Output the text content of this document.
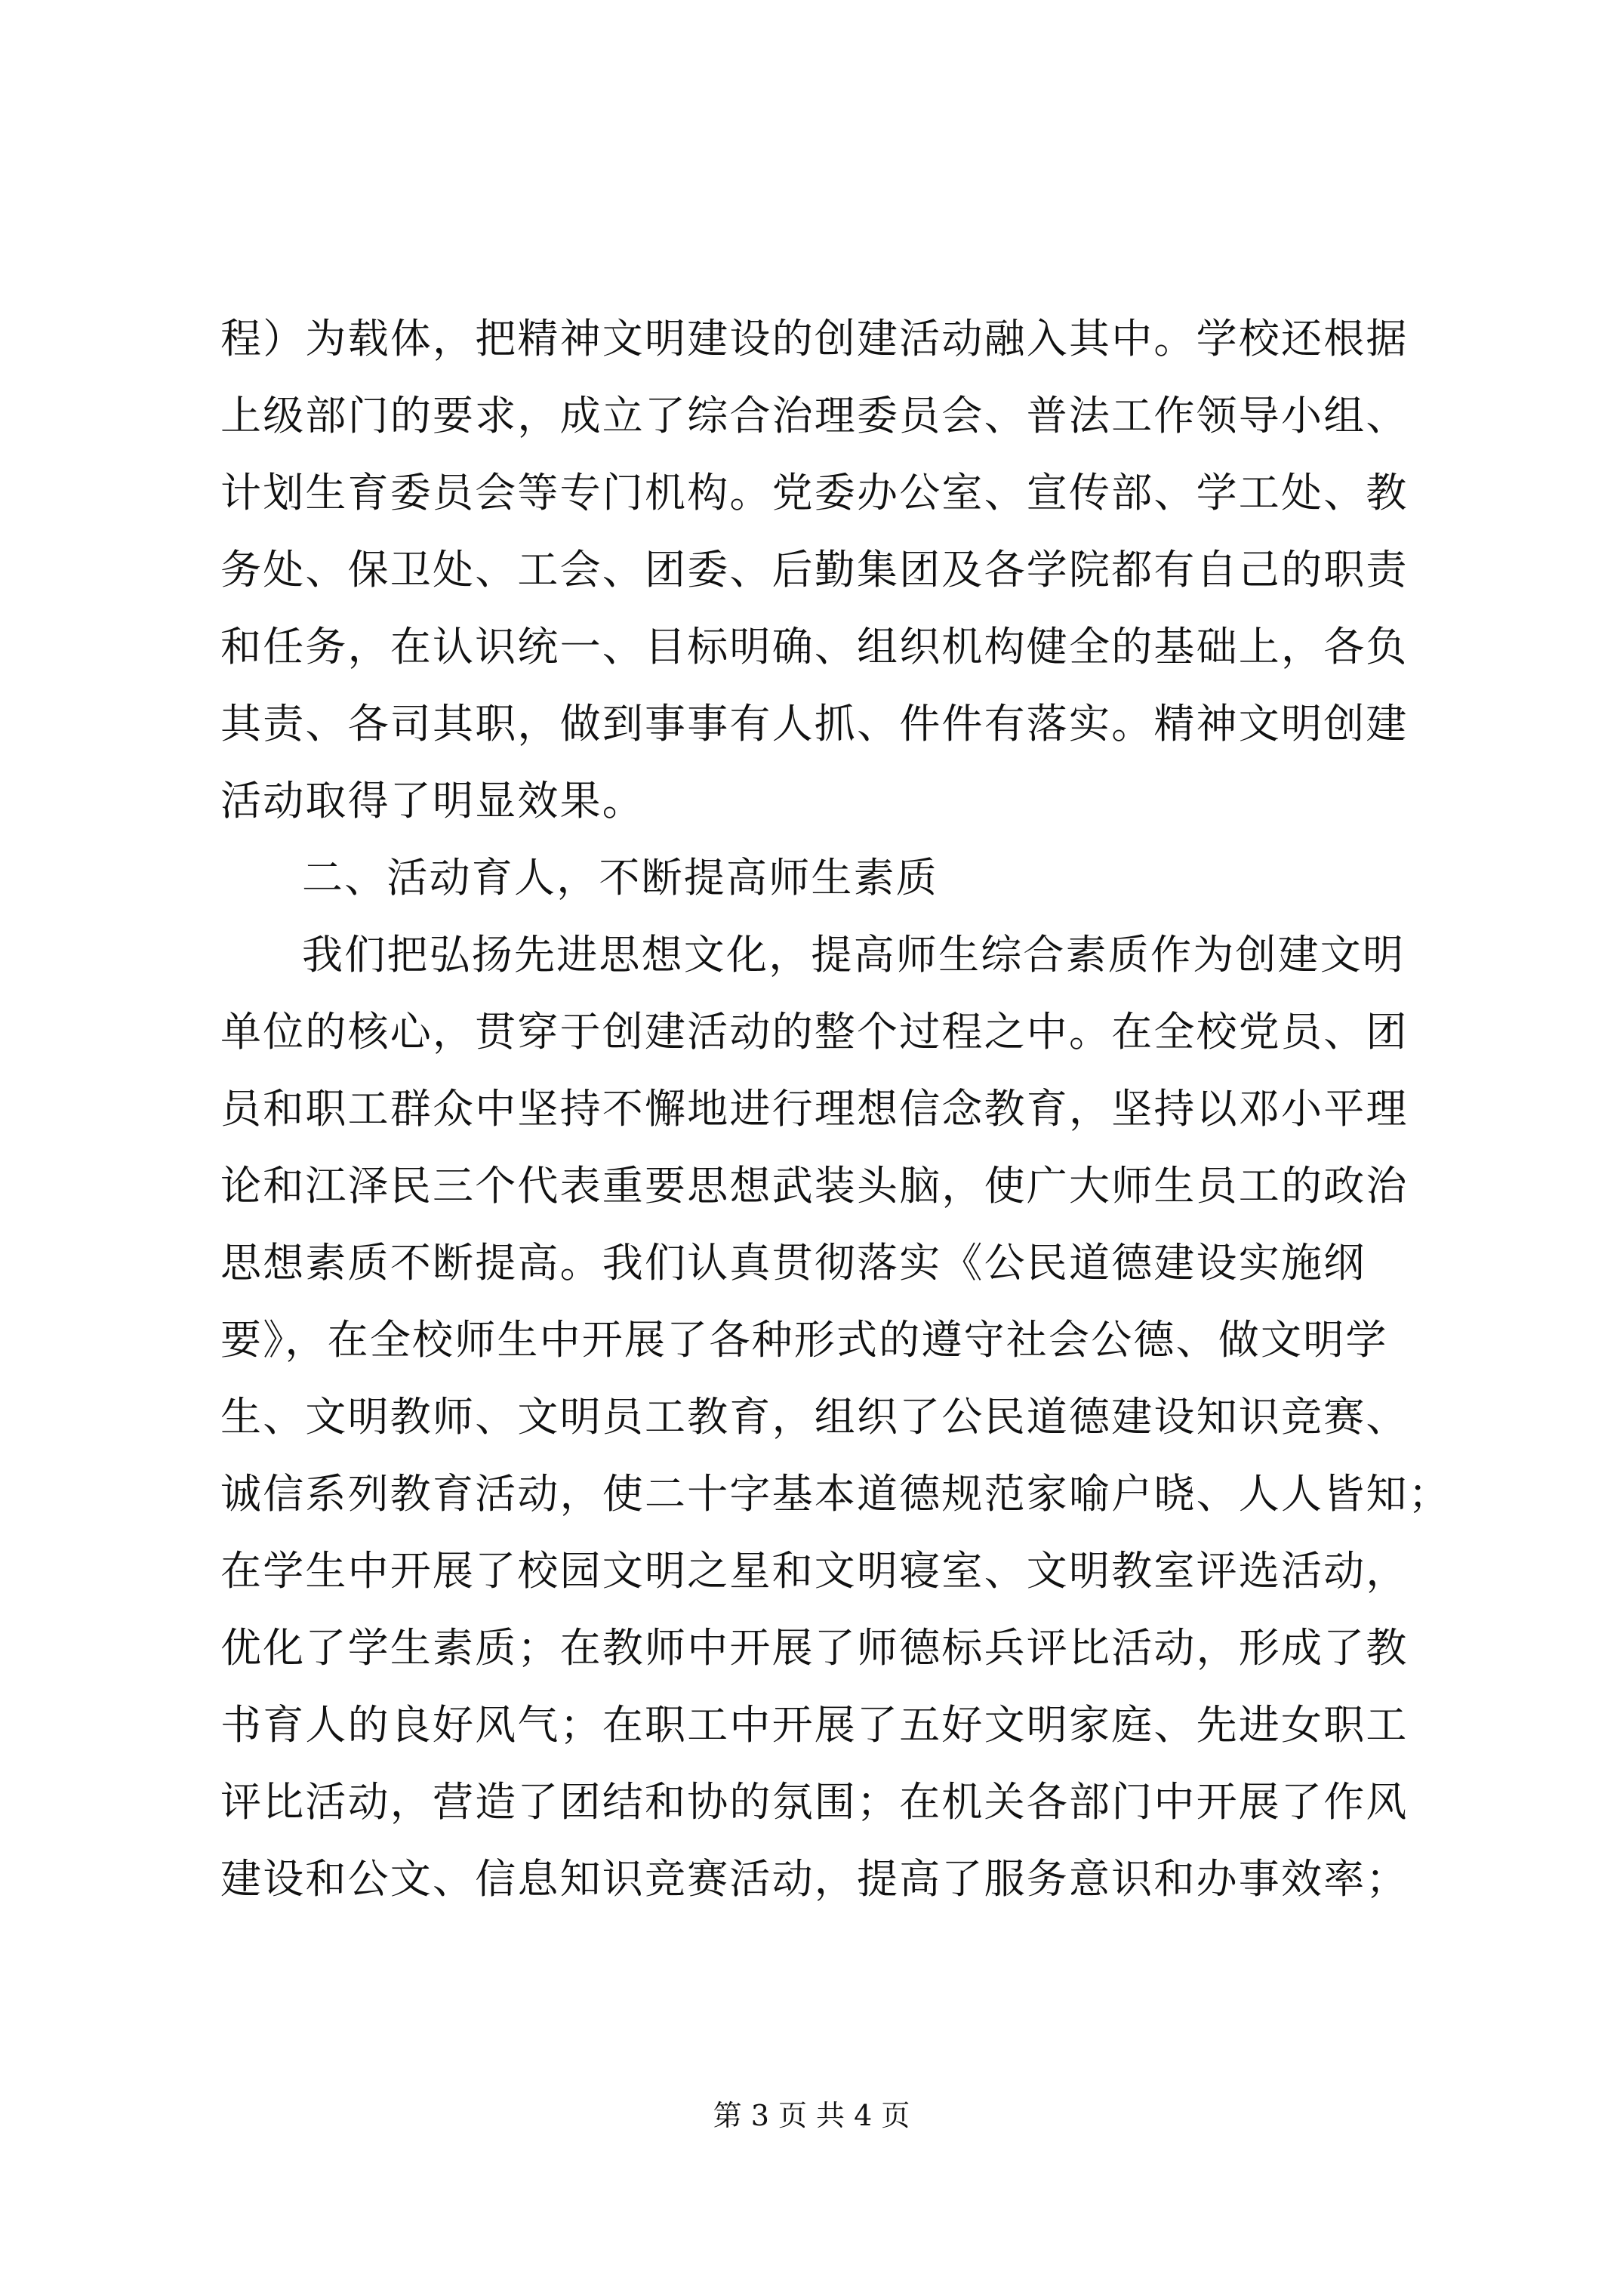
程）为载体，把精神文明建设的创建活动融入其中。学校还根据
上级部门的要求，成立了综合治理委员会、普法工作领导小组、
计划生育委员会等专门机构。党委办公室、宣传部、学工处、教
务处、保卫处、工会、团委、后勤集团及各学院都有自己的职责
和任务，在认识统一、目标明确、组织机构健全的基础上，各负
其责、各司其职，做到事事有人抓、件件有落实。精神文明创建
活动取得了明显效果。
二、活动育人，不断提高师生素质
我们把弘扬先进思想文化，提高师生综合素质作为创建文明
单位的核心，贯穿于创建活动的整个过程之中。在全校党员、团
员和职工群众中坚持不懈地进行理想信念教育，坚持以邓小平理
论和江泽民三个代表重要思想武装头脑，使广大师生员工的政治
思想素质不断提高。我们认真贯彻落实《公民道德建设实施纲
要》，在全校师生中开展了各种形式的遵守社会公德、做文明学
生、文明教师、文明员工教育，组织了公民道德建设知识竞赛、
诚信系列教育活动，使二十字基本道德规范家喻户晓、人人皆知；
在学生中开展了校园文明之星和文明寝室、文明教室评选活动，
优化了学生素质；在教师中开展了师德标兵评比活动，形成了教
书育人的良好风气；在职工中开展了五好文明家庭、先进女职工
评比活动，营造了团结和协的氛围；在机关各部门中开展了作风
建设和公文、信息知识竞赛活动，提高了服务意识和办事效率；
第 3 页 共 4 页
